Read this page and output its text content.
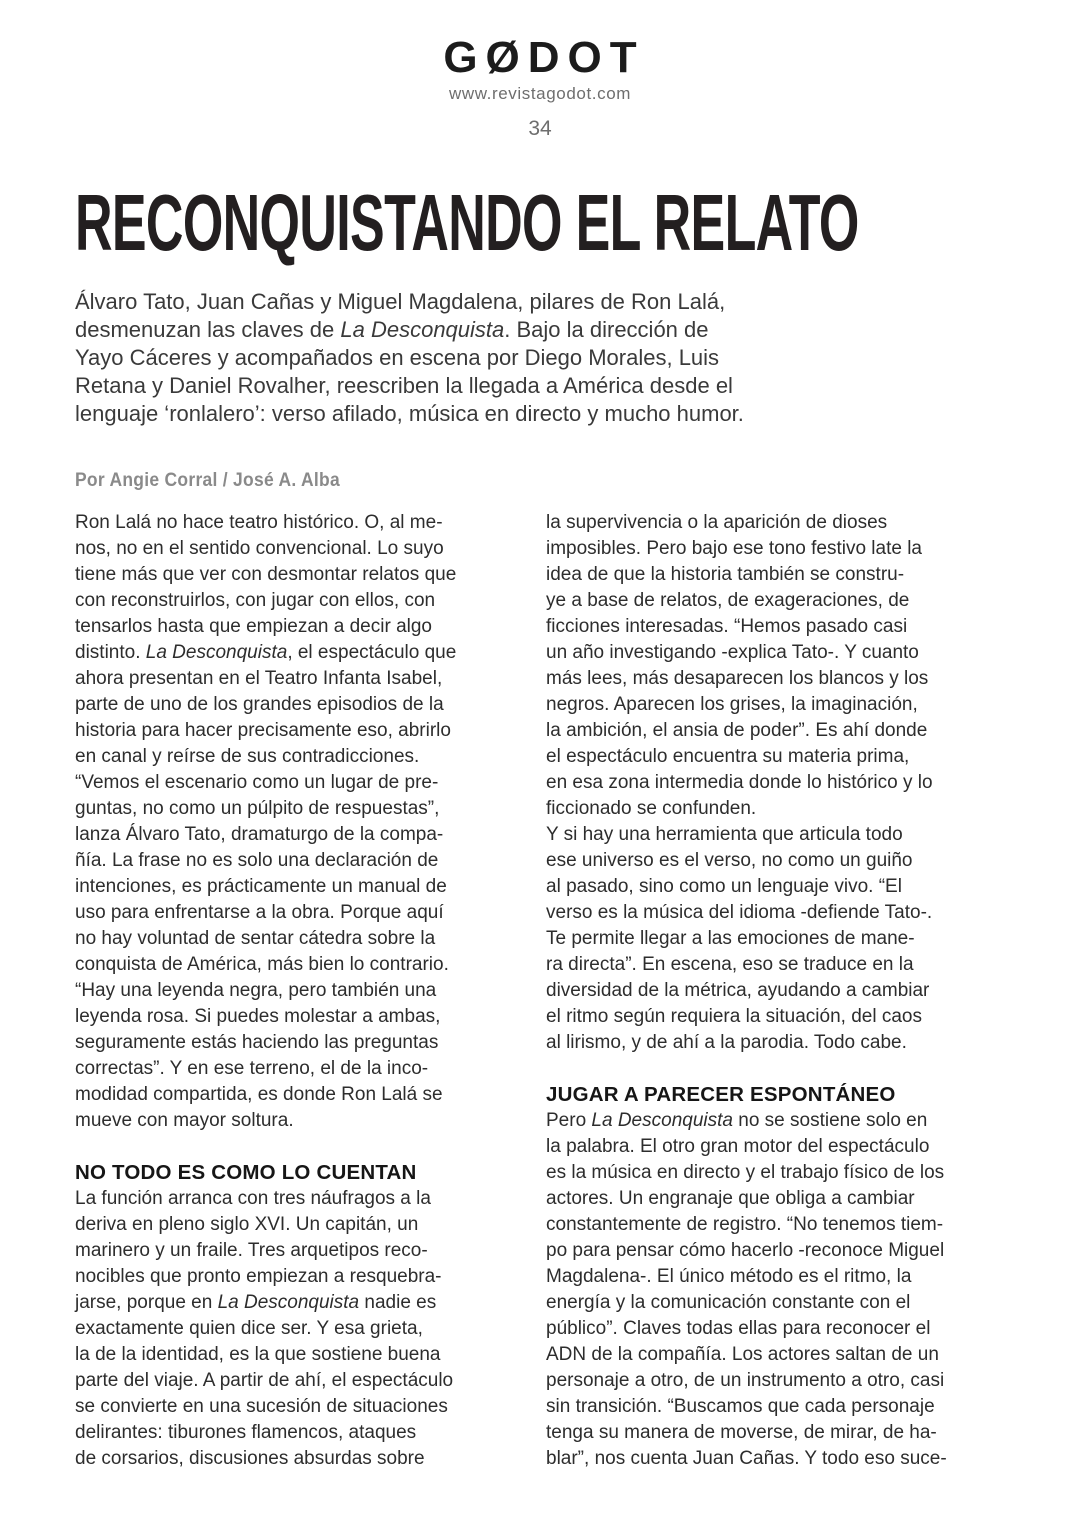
GØDOT
www.revistagodot.com
34
RECONQUISTANDO EL RELATO
Álvaro Tato, Juan Cañas y Miguel Magdalena, pilares de Ron Lalá,
desmenuzan las claves de La Desconquista. Bajo la dirección de
Yayo Cáceres y acompañados en escena por Diego Morales, Luis
Retana y Daniel Rovalher, reescriben la llegada a América desde el
lenguaje ‘ronlalero’: verso afilado, música en directo y mucho humor.
Por Angie Corral / José A. Alba

Ron Lalá no hace teatro histórico. O, al me-
nos, no en el sentido convencional. Lo suyo
tiene más que ver con desmontar relatos que
con reconstruirlos, con jugar con ellos, con
tensarlos hasta que empiezan a decir algo
distinto. La Desconquista, el espectáculo que
ahora presentan en el Teatro Infanta Isabel,
parte de uno de los grandes episodios de la
historia para hacer precisamente eso, abrirlo
en canal y reírse de sus contradicciones.
“Vemos el escenario como un lugar de pre-
guntas, no como un púlpito de respuestas”,
lanza Álvaro Tato, dramaturgo de la compa-
ñía. La frase no es solo una declaración de
intenciones, es prácticamente un manual de
uso para enfrentarse a la obra. Porque aquí
no hay voluntad de sentar cátedra sobre la
conquista de América, más bien lo contrario.
“Hay una leyenda negra, pero también una
leyenda rosa. Si puedes molestar a ambas,
seguramente estás haciendo las preguntas
correctas”. Y en ese terreno, el de la inco-
modidad compartida, es donde Ron Lalá se
mueve con mayor soltura.

NO TODO ES COMO LO CUENTAN

La función arranca con tres náufragos a la
deriva en pleno siglo XVI. Un capitán, un
marinero y un fraile. Tres arquetipos reco-
nocibles que pronto empiezan a resquebra-
jarse, porque en La Desconquista nadie es
exactamente quien dice ser. Y esa grieta,
la de la identidad, es la que sostiene buena
parte del viaje. A partir de ahí, el espectáculo
se convierte en una sucesión de situaciones
delirantes: tiburones flamencos, ataques
de corsarios, discusiones absurdas sobre

la supervivencia o la aparición de dioses
imposibles. Pero bajo ese tono festivo late la
idea de que la historia también se constru-
ye a base de relatos, de exageraciones, de
ficciones interesadas. “Hemos pasado casi
un año investigando -explica Tato-. Y cuanto
más lees, más desaparecen los blancos y los
negros. Aparecen los grises, la imaginación,
la ambición, el ansia de poder”. Es ahí donde
el espectáculo encuentra su materia prima,
en esa zona intermedia donde lo histórico y lo
ficcionado se confunden.
Y si hay una herramienta que articula todo
ese universo es el verso, no como un guiño
al pasado, sino como un lenguaje vivo. “El
verso es la música del idioma -defiende Tato-.
Te permite llegar a las emociones de mane-
ra directa”. En escena, eso se traduce en la
diversidad de la métrica, ayudando a cambiar
el ritmo según requiera la situación, del caos
al lirismo, y de ahí a la parodia. Todo cabe.

JUGAR A PARECER ESPONTÁNEO

Pero La Desconquista no se sostiene solo en
la palabra. El otro gran motor del espectáculo
es la música en directo y el trabajo físico de los
actores. Un engranaje que obliga a cambiar
constantemente de registro. “No tenemos tiem-
po para pensar cómo hacerlo -reconoce Miguel
Magdalena-. El único método es el ritmo, la
energía y la comunicación constante con el
público”. Claves todas ellas para reconocer el
ADN de la compañía. Los actores saltan de un
personaje a otro, de un instrumento a otro, casi
sin transición. “Buscamos que cada personaje
tenga su manera de moverse, de mirar, de ha-
blar”, nos cuenta Juan Cañas. Y todo eso suce-
